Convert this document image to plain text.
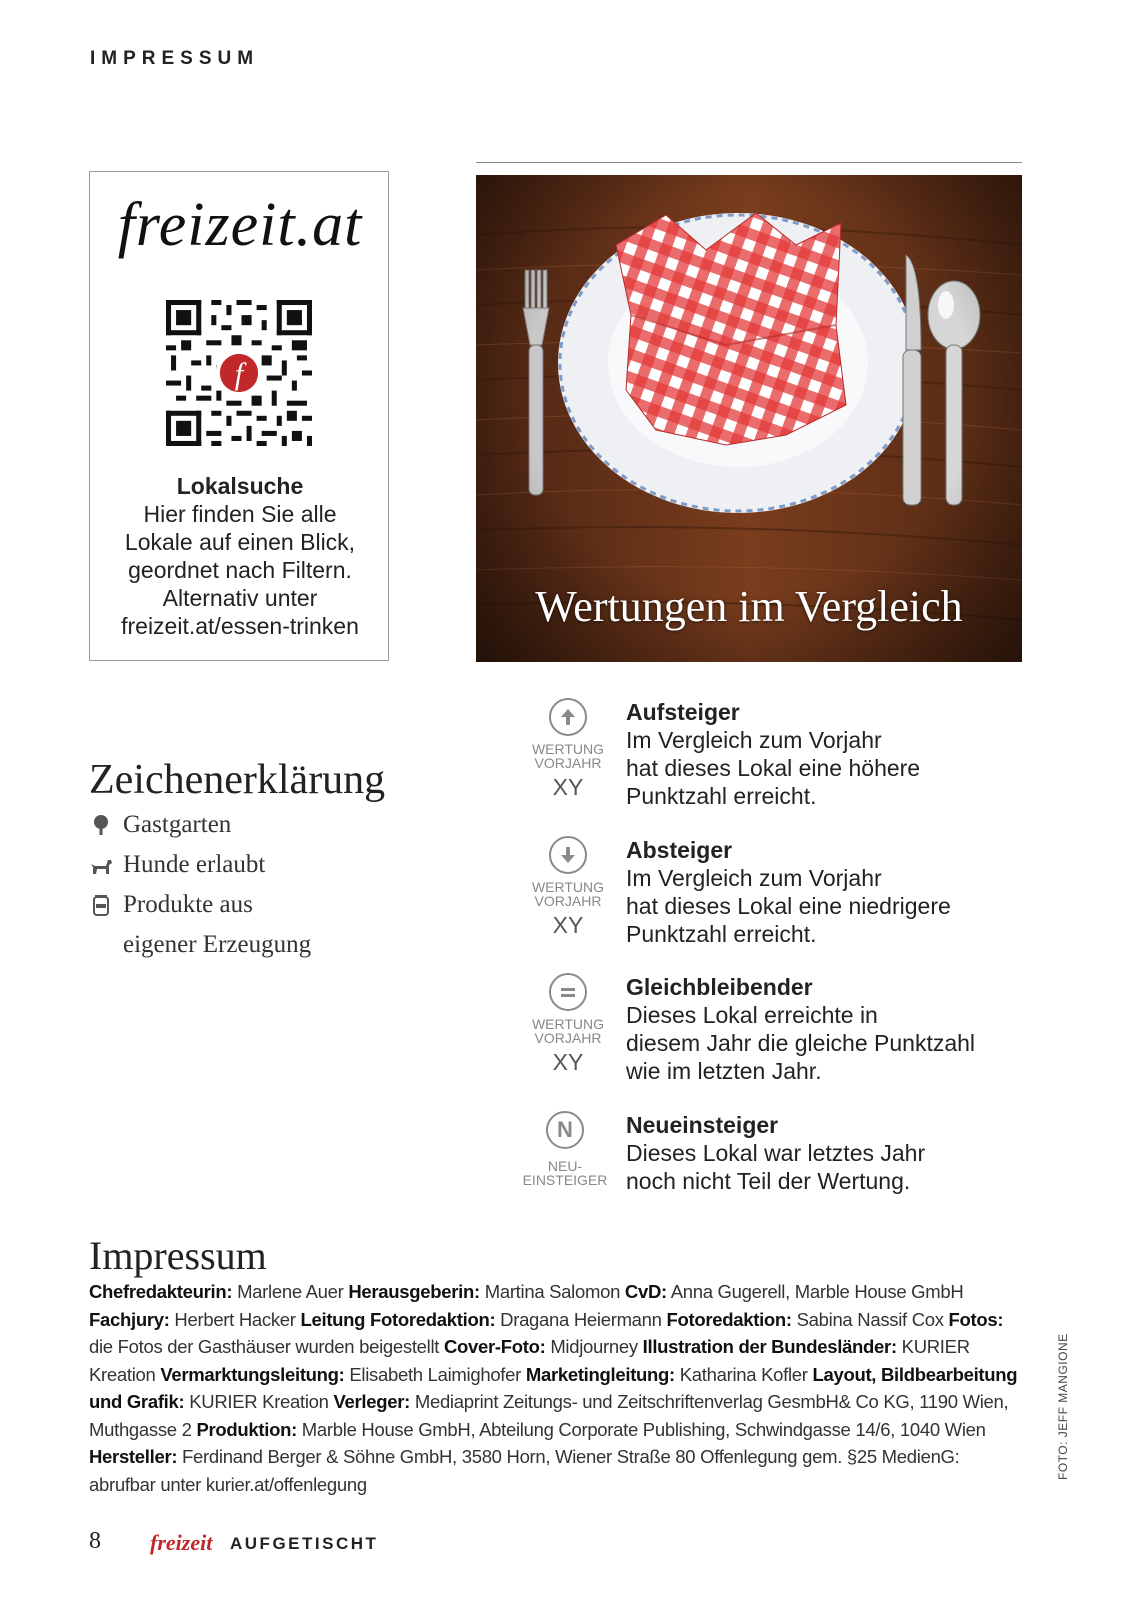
IMPRESSUM
freizeit.at
f
Lokalsuche
Hier finden Sie alle
Lokale auf einen Blick,
geordnet nach Filtern.
Alternativ unter
freizeit.at/essen-trinken	Wertungen im Vergleich
Zeichenerklärung
Gastgarten
Hunde erlaubt
Produkte aus
eigener Erzeugung
WERTUNG
VORJAHR
XY
Aufsteiger
Im Vergleich zum Vorjahr
hat dieses Lokal eine höhere
Punktzahl erreicht.
WERTUNG
VORJAHR
XY
Absteiger
Im Vergleich zum Vorjahr
hat dieses Lokal eine niedrigere
Punktzahl erreicht.
WERTUNG
VORJAHR
XY
Gleichbleibender
Dieses Lokal erreichte in
diesem Jahr die gleiche Punktzahl
wie im letzten Jahr.
N
NEU-
EINSTEIGER
Neueinsteiger
Dieses Lokal war letztes Jahr
noch nicht Teil der Wertung.
Impressum
Chefredakteurin: Marlene Auer Herausgeberin: Martina Salomon CvD: Anna Gugerell, Marble House GmbH Fachjury: Herbert Hacker Leitung Fotoredaktion: Dragana Heiermann Fotoredaktion: Sabina Nassif Cox Fotos: die Fotos der Gasthäuser wurden beigestellt Cover-Foto: Midjourney Illustration der Bundesländer: KURIER Kreation Vermarktungsleitung: Elisabeth Laimighofer Marketingleitung: Katharina Kofler Layout, Bildbearbeitung und Grafik: KURIER Kreation Verleger: Mediaprint Zeitungs- und Zeitschriftenverlag GesmbH& Co KG, 1190 Wien, Muthgasse 2 Produktion: Marble House GmbH, Abteilung Corporate Publishing, Schwindgasse 14/6, 1040 Wien Hersteller: Ferdinand Berger & Söhne GmbH, 3580 Horn, Wiener Straße 80 Offenlegung gem. §25 MedienG: abrufbar unter kurier.at/offenlegung
FOTO: JEFF MANGIONE
8 freizeit AUFGETISCHT
